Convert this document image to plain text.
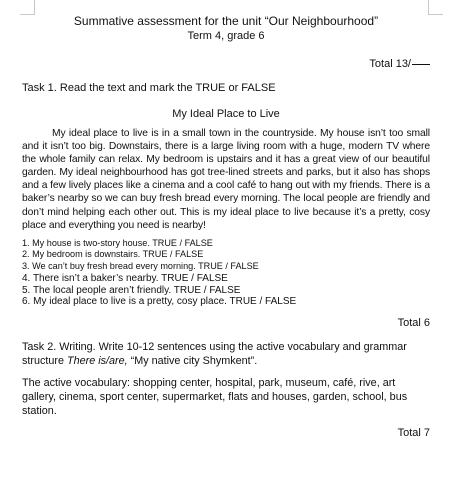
Summative assessment for the unit “Our Neighbourhood”
Term 4, grade 6
Total 13/
Task 1. Read the text and mark the TRUE or FALSE
My Ideal Place to Live
My ideal place to live is in a small town in the countryside. My house isn’t too small and it isn’t too big. Downstairs, there is a large living room with a huge, modern TV where the whole family can relax. My bedroom is upstairs and it has a great view of our beautiful garden. My ideal neighbourhood has got tree-lined streets and parks, but it also has shops and a few lively places like a cinema and a cool café to hang out with my friends. There is a baker’s nearby so we can buy fresh bread every morning. The local people are friendly and don’t mind helping each other out. This is my ideal place to live because it’s a pretty, cosy place and everything you need is nearby!
1. My house is two-story house. TRUE / FALSE
2. My bedroom is downstairs. TRUE / FALSE
3. We can’t buy fresh bread every morning. TRUE / FALSE
4. There isn’t a baker’s nearby. TRUE / FALSE
5. The local people aren’t friendly. TRUE / FALSE
6. My ideal place to live is a pretty, cosy place. TRUE / FALSE
Total 6
Task 2. Writing. Write 10-12 sentences using the active vocabulary and grammar structure There is/are, “My native city Shymkent”.
The active vocabulary: shopping center, hospital, park, museum, café, rive, art gallery, cinema, sport center, supermarket, flats and houses, garden, school, bus station.
Total 7
